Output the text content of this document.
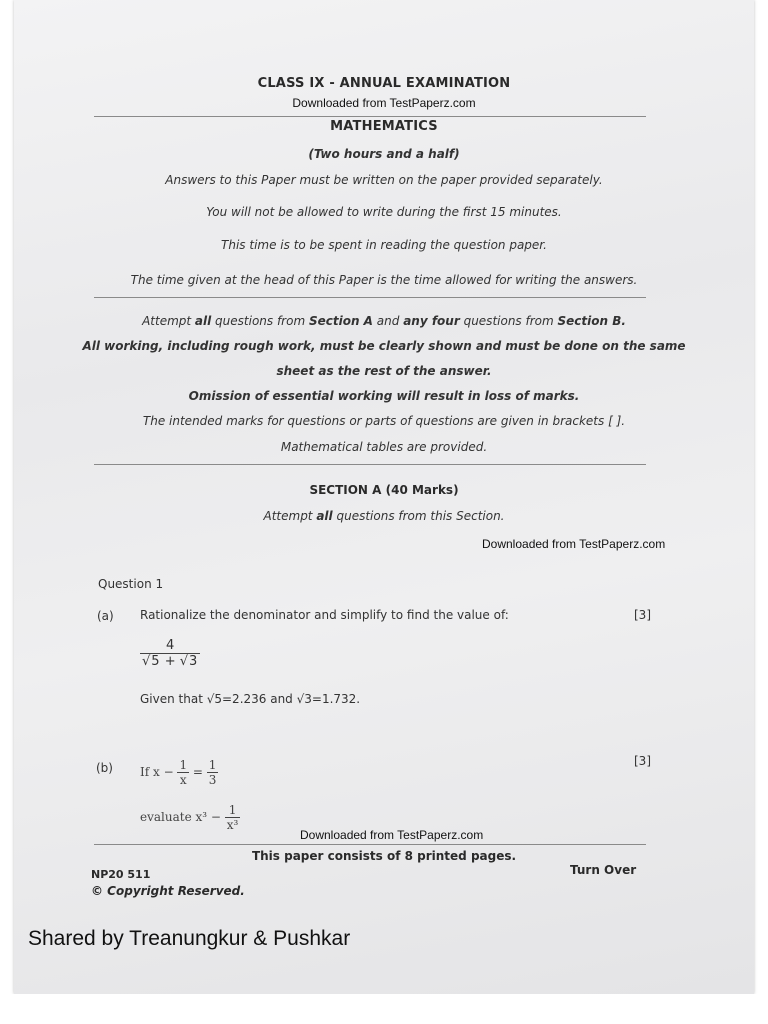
CLASS IX - ANNUAL EXAMINATION
Downloaded from TestPaperz.com
MATHEMATICS
(Two hours and a half)
Answers to this Paper must be written on the paper provided separately.
You will not be allowed to write during the first 15 minutes.
This time is to be spent in reading the question paper.
The time given at the head of this Paper is the time allowed for writing the answers.
Attempt all questions from Section A and any four questions from Section B.
All working, including rough work, must be clearly shown and must be done on the same
sheet as the rest of the answer.
Omission of essential working will result in loss of marks.
The intended marks for questions or parts of questions are given in brackets [ ].
Mathematical tables are provided.
SECTION A (40 Marks)
Attempt all questions from this Section.
Downloaded from TestPaperz.com
Question 1
(a) Rationalize the denominator and simplify to find the value of:	[3]
$\frac{4}{√5 + √3}$
Given that √5=2.236 and √3=1.732.
(b)	[3]
If $x - \frac{1}{x} = \frac{1}{3}$
evaluate $x^3 - \frac{1}{\text{x³}}$
Downloaded from TestPaperz.com
This paper consists of 8 printed pages.
NP20 511
© Copyright Reserved.
Turn Over
Shared by Treanungkur & Pushkar
